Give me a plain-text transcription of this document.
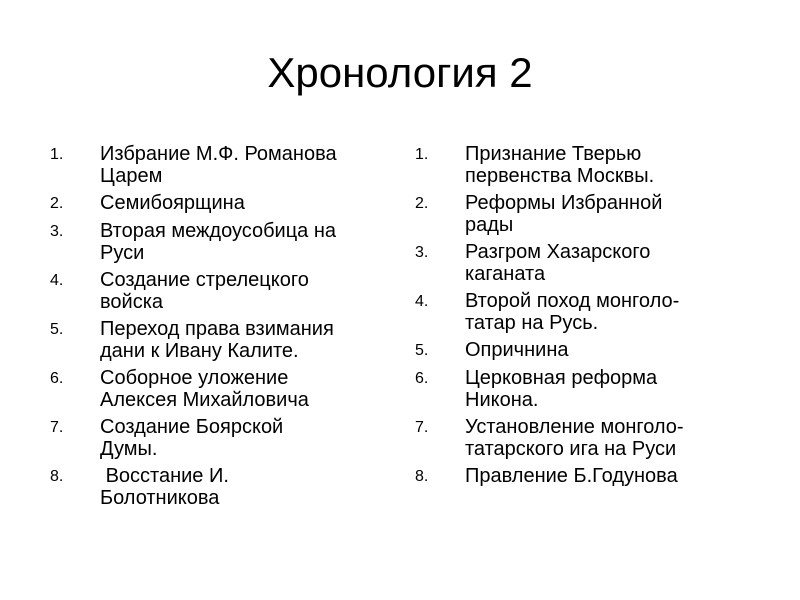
Хронология 2
1.	Избрание М.Ф. Романова
Царем
2.	Семибоярщина
3.	Вторая междоусобица на
Руси
4.	Создание стрелецкого
войска
5.	Переход права взимания
дани к Ивану Калите.
6.	Соборное уложение
Алексея Михайловича
7.	Создание Боярской
Думы.
8.	Восстание И.
Болотникова
1.	Признание Тверью
первенства Москвы.
2.	Реформы Избранной
рады
3.	Разгром Хазарского
каганата
4.	Второй поход монголо-
татар на Русь.
5.	Опричнина
6.	Церковная реформа
Никона.
7.	Установление монголо-
татарского ига на Руси
8.	Правление Б.Годунова
